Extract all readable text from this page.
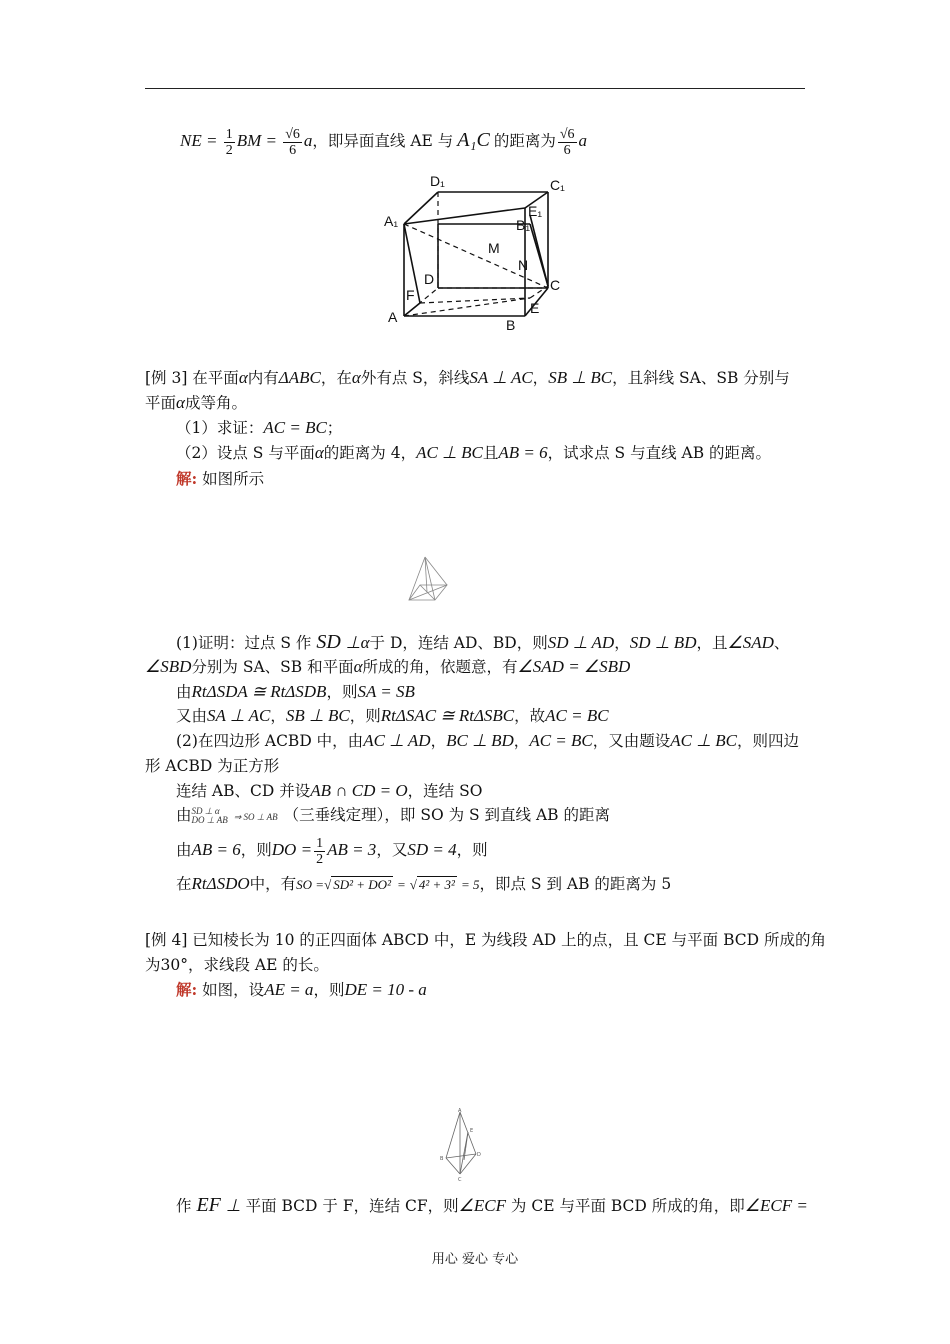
NE = $\frac{1}{2}$ BM = $\frac{√6}{6}$ a，即异面直线 AE 与 A₁C 的距离为 $\frac{√6}{6}$ a
D₁	C₁
A₁
E₁
B₁
M
N
D	C
F
E
A	B
[例 3] 在平面α内有ΔABC，在α外有点 S，斜线SA ⊥ AC，SB ⊥ BC，且斜线 SA、SB 分别与
平面α成等角。
（1）求证：AC = BC；
（2）设点 S 与平面α的距离为 4，AC ⊥ BC且AB = 6，试求点 S 与直线 AB 的距离。
解: 如图所示
(1)证明：过点 S 作 SD ⊥α于 D，连结 AD、BD，则SD ⊥ AD，SD ⊥ BD，且∠SAD、
∠SBD分别为 SA、SB 和平面α所成的角，依题意，有∠SAD = ∠SBD
由RtΔSDA ≅ RtΔSDB，则SA = SB
又由SA ⊥ AC，SB ⊥ BC，则RtΔSAC ≅ RtΔSBC，故AC = BC
(2)在四边形 ACBD 中，由AC ⊥ AD，BC ⊥ BD，AC = BC，又由题设AC ⊥ BC，则四边
形 ACBD 为正方形
连结 AB、CD 并设AB ∩ CD = O，连结 SO
由 SD ⊥ α
DO ⊥ AB ⇒ SO ⊥ AB （三垂线定理），即 SO 为 S 到直线 AB 的距离
由AB = 6，则DO = $\frac{1}{2}$ AB = 3，又SD = 4，则
在RtΔSDO中，有SO =√ SD² + DO² = √ 4² + 3² = 5，即点 S 到 AB 的距离为 5
[例 4] 已知棱长为 10 的正四面体 ABCD 中，E 为线段 AD 上的点，且 CE 与平面 BCD 所成的角
为30°，求线段 AE 的长。
解: 如图，设AE = a，则DE = 10 - a
A
E
B
D
C
作 EF ⊥ 平面 BCD 于 F，连结 CF，则∠ECF 为 CE 与平面 BCD 所成的角，即∠ECF =
用心 爱心 专心
